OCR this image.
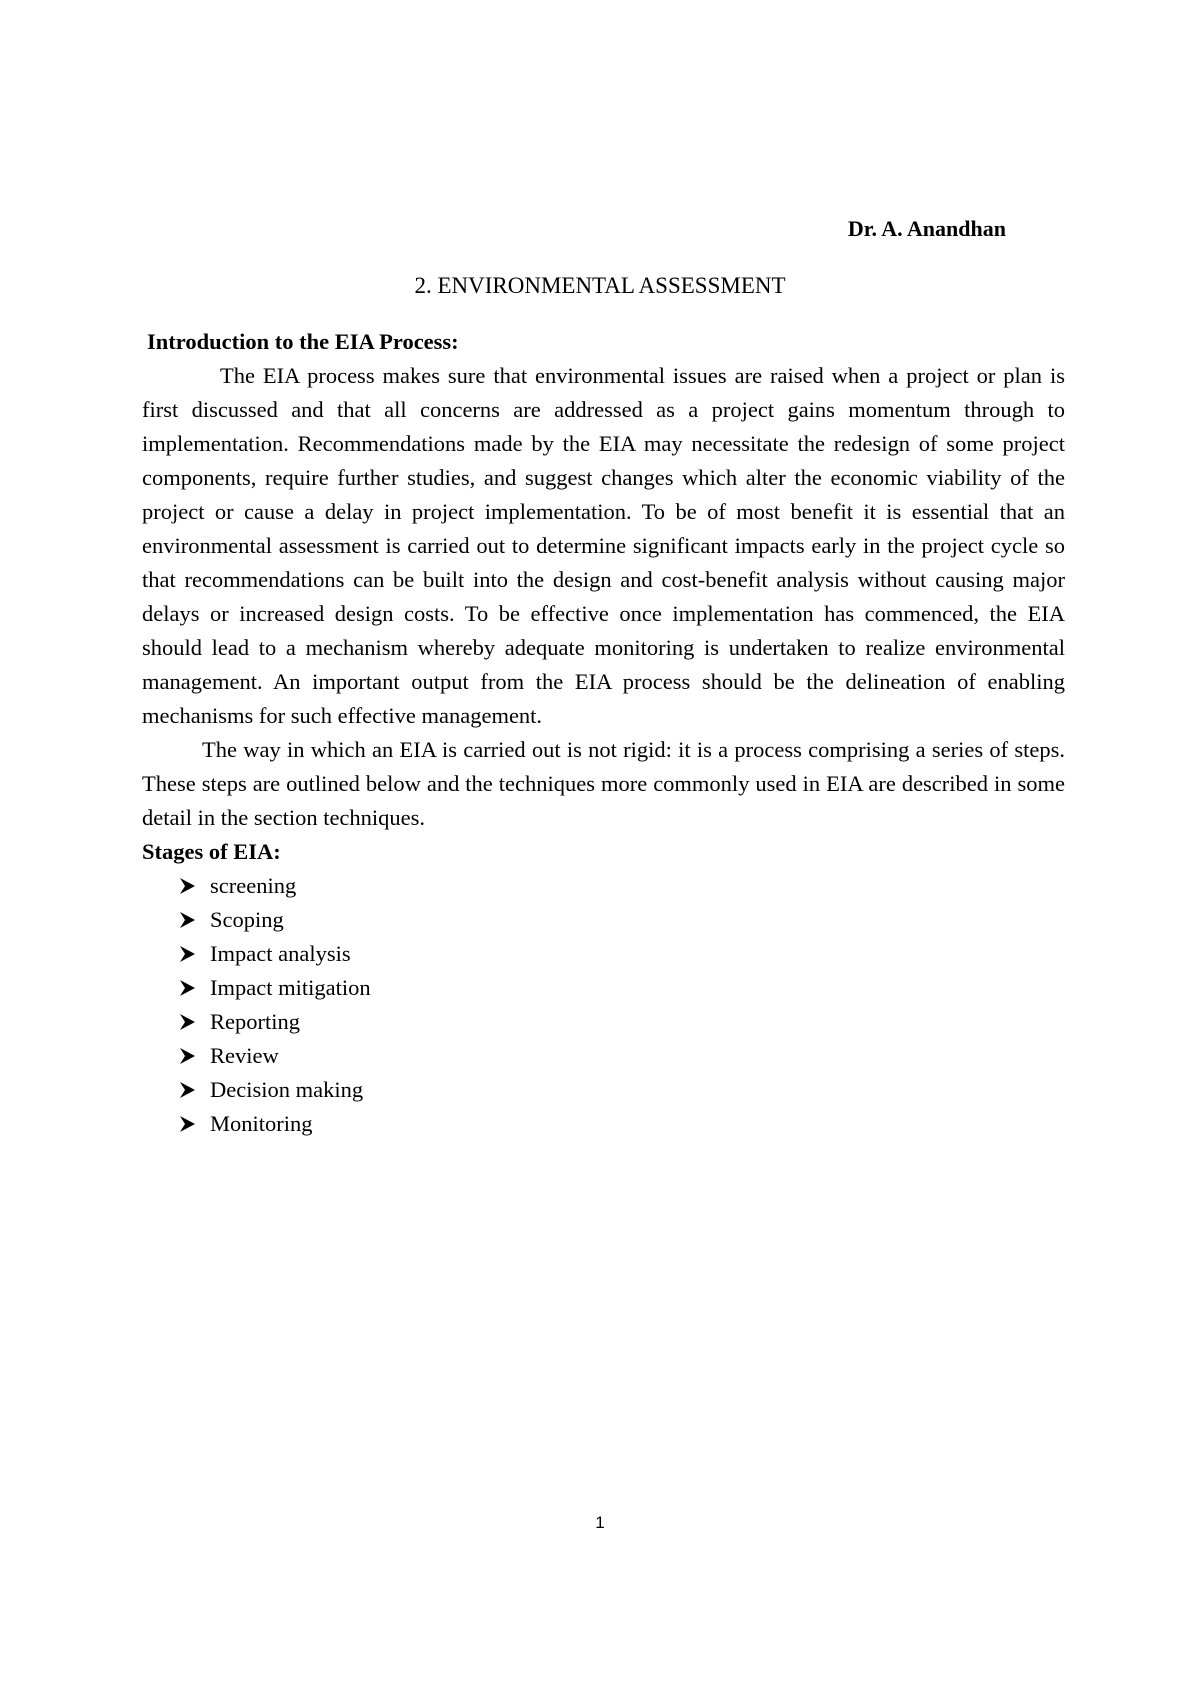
Dr. A. Anandhan
2. ENVIRONMENTAL ASSESSMENT

Introduction to the EIA Process:

The EIA process makes sure that environmental issues are raised when a project or plan is first discussed and that all concerns are addressed as a project gains momentum through to implementation. Recommendations made by the EIA may necessitate the redesign of some project components, require further studies, and suggest changes which alter the economic viability of the project or cause a delay in project implementation. To be of most benefit it is essential that an environmental assessment is carried out to determine significant impacts early in the project cycle so that recommendations can be built into the design and cost-benefit analysis without causing major delays or increased design costs. To be effective once implementation has commenced, the EIA should lead to a mechanism whereby adequate monitoring is undertaken to realize environmental management. An important output from the EIA process should be the delineation of enabling mechanisms for such effective management.

The way in which an EIA is carried out is not rigid: it is a process comprising a series of steps. These steps are outlined below and the techniques more commonly used in EIA are described in some detail in the section techniques.

Stages of EIA:

screening
Scoping
Impact analysis
Impact mitigation
Reporting
Review
Decision making
Monitoring
1
